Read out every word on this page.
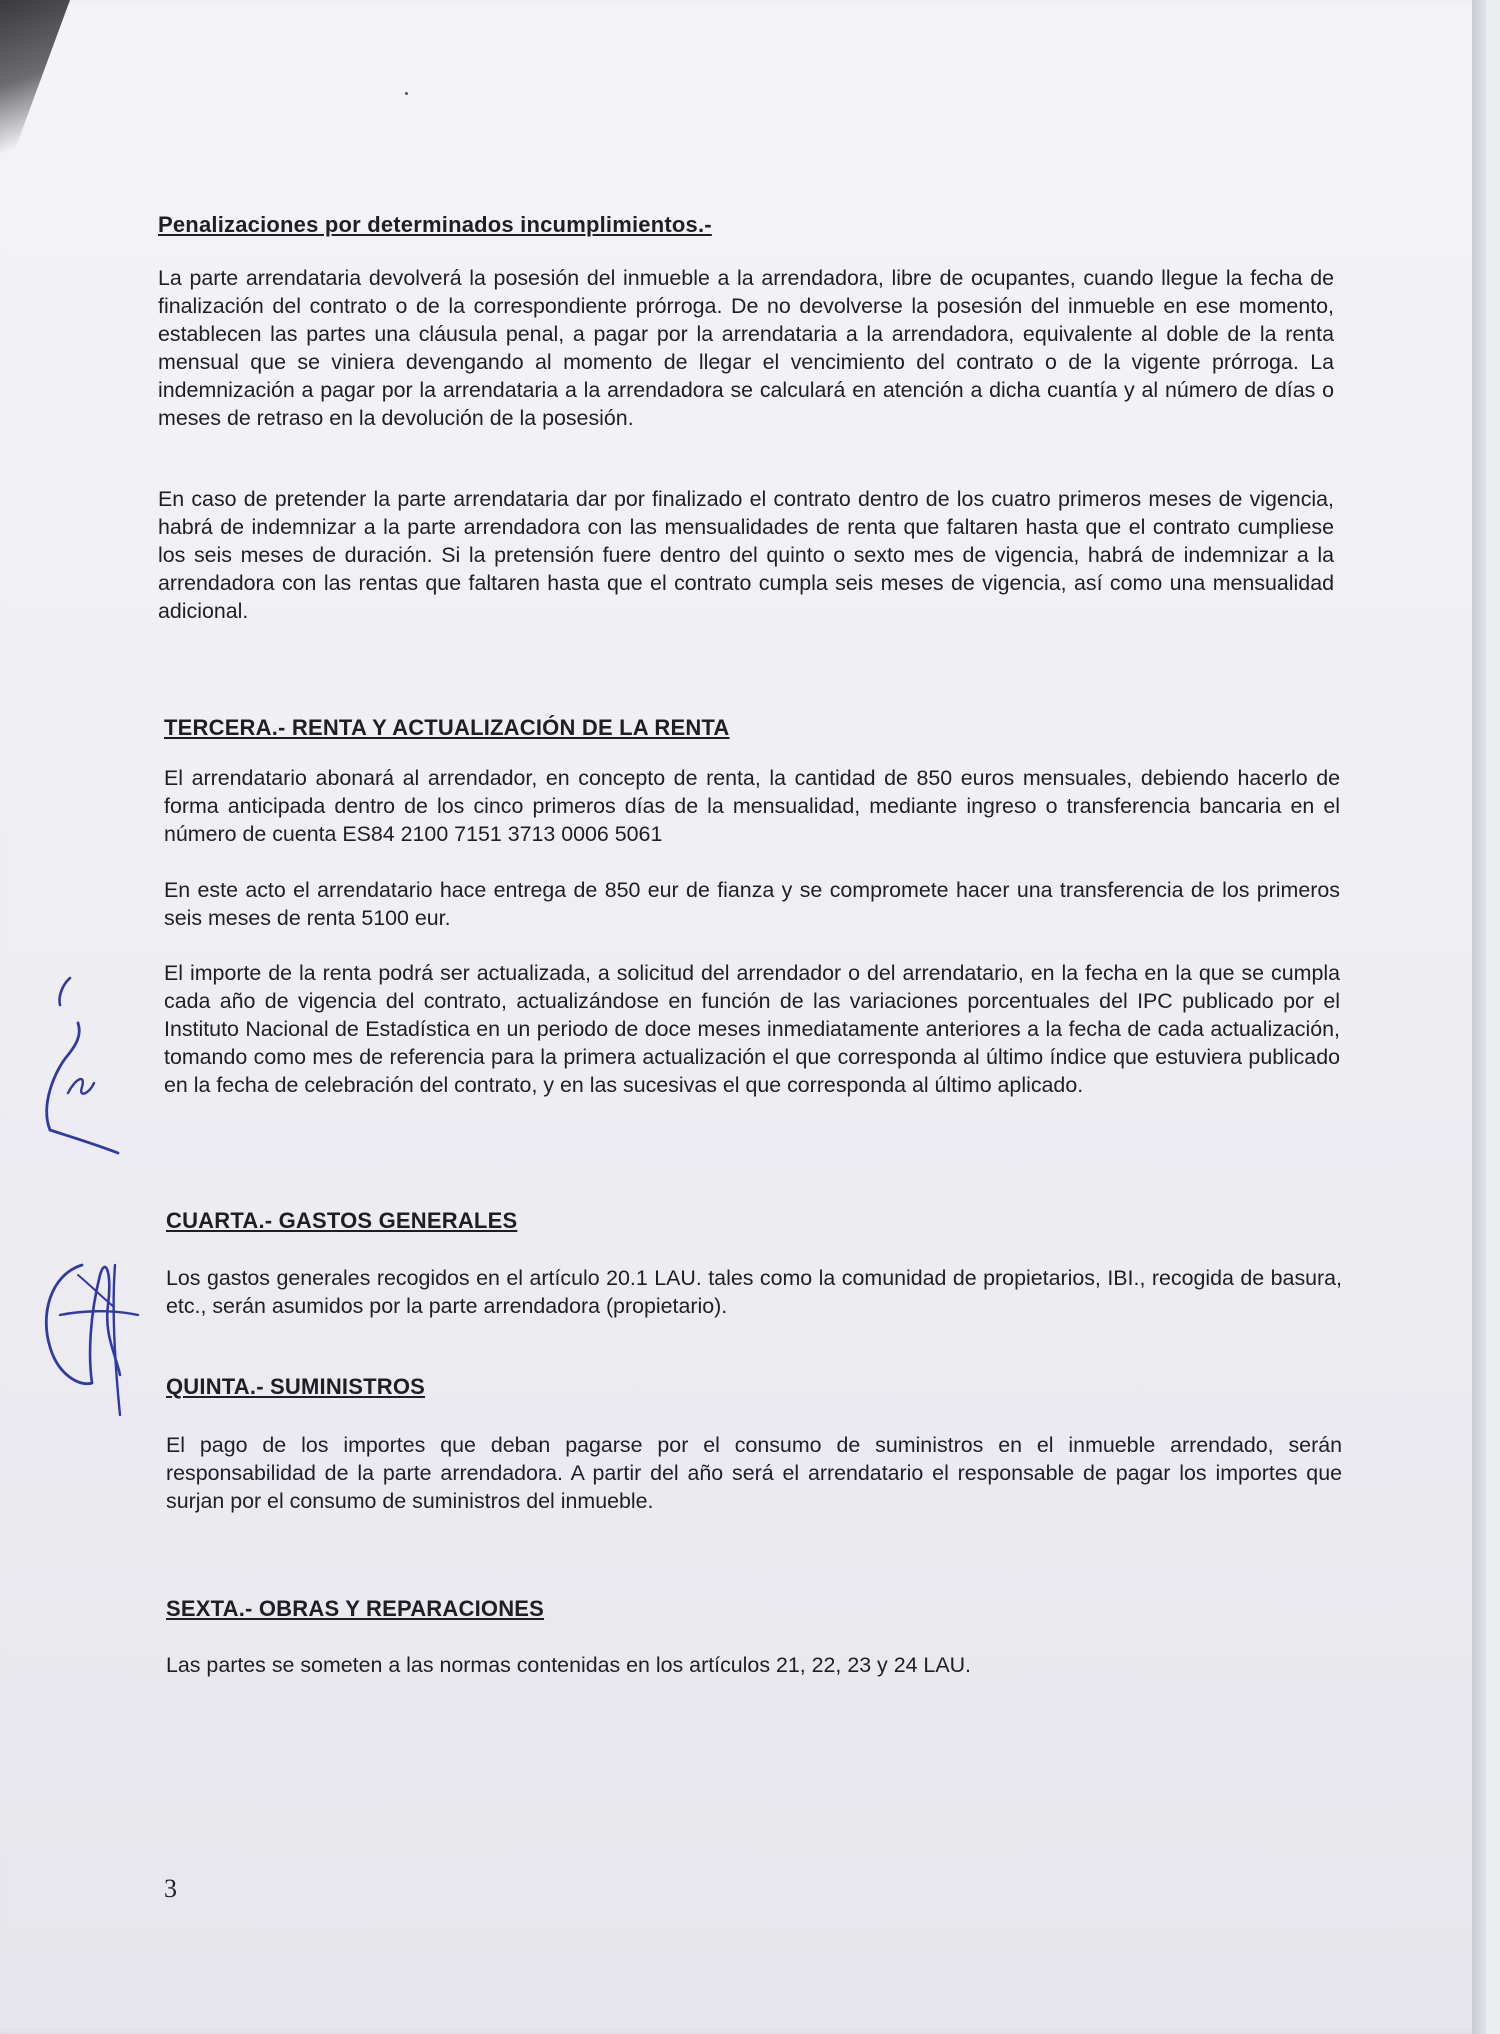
Penalizaciones por determinados incumplimientos.-
La parte arrendataria devolverá la posesión del inmueble a la arrendadora, libre de ocupantes, cuando llegue la fecha de finalización del contrato o de la correspondiente prórroga. De no devolverse la posesión del inmueble en ese momento, establecen las partes una cláusula penal, a pagar por la arrendataria a la arrendadora, equivalente al doble de la renta mensual que se viniera devengando al momento de llegar el vencimiento del contrato o de la vigente prórroga. La indemnización a pagar por la arrendataria a la arrendadora se calculará en atención a dicha cuantía y al número de días o meses de retraso en la devolución de la posesión.
En caso de pretender la parte arrendataria dar por finalizado el contrato dentro de los cuatro primeros meses de vigencia, habrá de indemnizar a la parte arrendadora con las mensualidades de renta que faltaren hasta que el contrato cumpliese los seis meses de duración. Si la pretensión fuere dentro del quinto o sexto mes de vigencia, habrá de indemnizar a la arrendadora con las rentas que faltaren hasta que el contrato cumpla seis meses de vigencia, así como una mensualidad adicional.
TERCERA.- RENTA Y ACTUALIZACIÓN DE LA RENTA
El arrendatario abonará al arrendador, en concepto de renta, la cantidad de 850 euros mensuales, debiendo hacerlo de forma anticipada dentro de los cinco primeros días de la mensualidad, mediante ingreso o transferencia bancaria en el número de cuenta ES84 2100 7151 3713 0006 5061
En este acto el arrendatario hace entrega de 850 eur de fianza y se compromete hacer una transferencia de los primeros seis meses de renta 5100 eur.
El importe de la renta podrá ser actualizada, a solicitud del arrendador o del arrendatario, en la fecha en la que se cumpla cada año de vigencia del contrato, actualizándose en función de las variaciones porcentuales del IPC publicado por el Instituto Nacional de Estadística en un periodo de doce meses inmediatamente anteriores a la fecha de cada actualización, tomando como mes de referencia para la primera actualización el que corresponda al último índice que estuviera publicado en la fecha de celebración del contrato, y en las sucesivas el que corresponda al último aplicado.
CUARTA.- GASTOS GENERALES
Los gastos generales recogidos en el artículo 20.1 LAU. tales como la comunidad de propietarios, IBI., recogida de basura, etc., serán asumidos por la parte arrendadora (propietario).
QUINTA.- SUMINISTROS
El pago de los importes que deban pagarse por el consumo de suministros en el inmueble arrendado, serán responsabilidad de la parte arrendadora. A partir del año será el arrendatario el responsable de pagar los importes que surjan por el consumo de suministros del inmueble.
SEXTA.- OBRAS Y REPARACIONES
Las partes se someten a las normas contenidas en los artículos 21, 22, 23 y 24 LAU.
3
